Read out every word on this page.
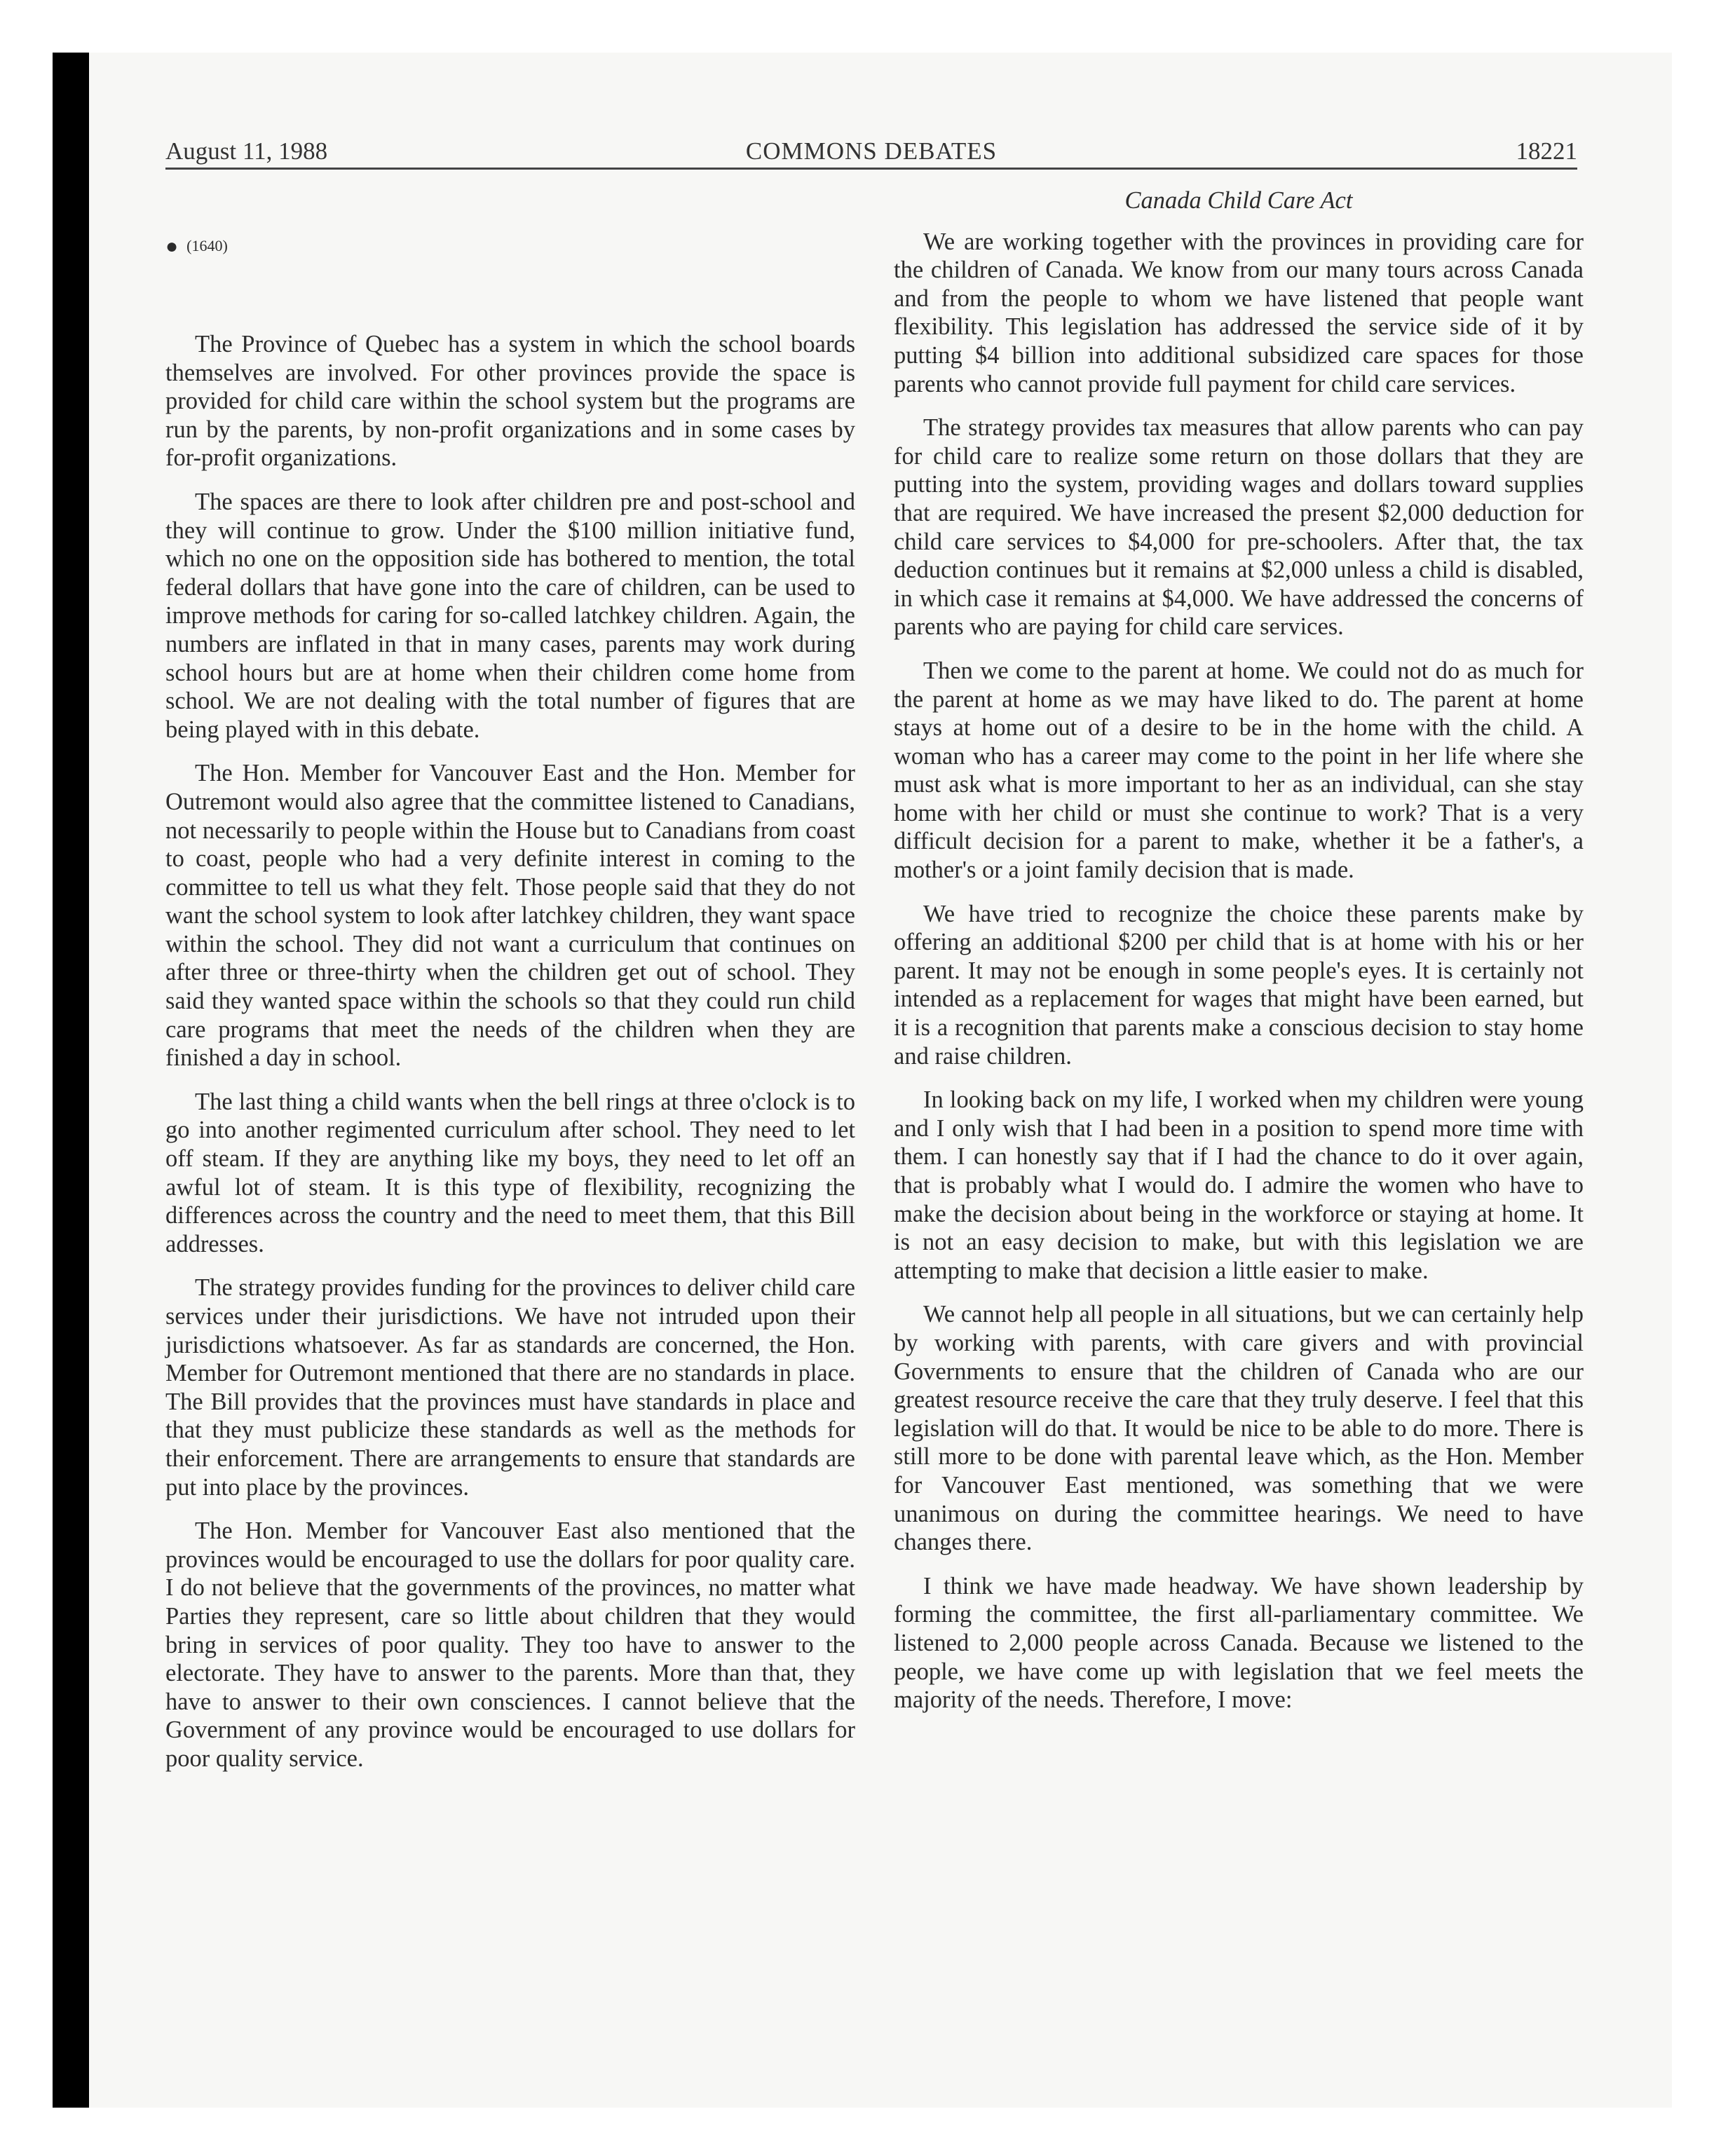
August 11, 1988	COMMONS DEBATES	18221
● (1640)

The Province of Quebec has a system in which the school boards themselves are involved. For other provinces provide the space is provided for child care within the school system but the programs are run by the parents, by non-profit organizations and in some cases by for-profit organizations.

The spaces are there to look after children pre and post-school and they will continue to grow. Under the $100 million initiative fund, which no one on the opposition side has bothered to mention, the total federal dollars that have gone into the care of children, can be used to improve methods for caring for so-called latchkey children. Again, the numbers are inflated in that in many cases, parents may work during school hours but are at home when their children come home from school. We are not dealing with the total number of figures that are being played with in this debate.

The Hon. Member for Vancouver East and the Hon. Member for Outremont would also agree that the committee listened to Canadians, not necessarily to people within the House but to Canadians from coast to coast, people who had a very definite interest in coming to the committee to tell us what they felt. Those people said that they do not want the school system to look after latchkey children, they want space within the school. They did not want a curriculum that continues on after three or three-thirty when the children get out of school. They said they wanted space within the schools so that they could run child care programs that meet the needs of the children when they are finished a day in school.

The last thing a child wants when the bell rings at three o'clock is to go into another regimented curriculum after school. They need to let off steam. If they are anything like my boys, they need to let off an awful lot of steam. It is this type of flexibility, recognizing the differences across the country and the need to meet them, that this Bill addresses.

The strategy provides funding for the provinces to deliver child care services under their jurisdictions. We have not intruded upon their jurisdictions whatsoever. As far as standards are concerned, the Hon. Member for Outremont mentioned that there are no standards in place. The Bill provides that the provinces must have standards in place and that they must publicize these standards as well as the methods for their enforcement. There are arrangements to ensure that standards are put into place by the provinces.

The Hon. Member for Vancouver East also mentioned that the provinces would be encouraged to use the dollars for poor quality care. I do not believe that the governments of the provinces, no matter what Parties they represent, care so little about children that they would bring in services of poor quality. They too have to answer to the electorate. They have to answer to the parents. More than that, they have to answer to their own consciences. I cannot believe that the Government of any province would be encouraged to use dollars for poor quality service.

Canada Child Care Act

We are working together with the provinces in providing care for the children of Canada. We know from our many tours across Canada and from the people to whom we have listened that people want flexibility. This legislation has addressed the service side of it by putting $4 billion into additional subsidized care spaces for those parents who cannot provide full payment for child care services.

The strategy provides tax measures that allow parents who can pay for child care to realize some return on those dollars that they are putting into the system, providing wages and dollars toward supplies that are required. We have increased the present $2,000 deduction for child care services to $4,000 for pre-schoolers. After that, the tax deduction continues but it remains at $2,000 unless a child is disabled, in which case it remains at $4,000. We have addressed the concerns of parents who are paying for child care services.

Then we come to the parent at home. We could not do as much for the parent at home as we may have liked to do. The parent at home stays at home out of a desire to be in the home with the child. A woman who has a career may come to the point in her life where she must ask what is more important to her as an individual, can she stay home with her child or must she continue to work? That is a very difficult decision for a parent to make, whether it be a father's, a mother's or a joint family decision that is made.

We have tried to recognize the choice these parents make by offering an additional $200 per child that is at home with his or her parent. It may not be enough in some people's eyes. It is certainly not intended as a replacement for wages that might have been earned, but it is a recognition that parents make a conscious decision to stay home and raise children.

In looking back on my life, I worked when my children were young and I only wish that I had been in a position to spend more time with them. I can honestly say that if I had the chance to do it over again, that is probably what I would do. I admire the women who have to make the decision about being in the workforce or staying at home. It is not an easy decision to make, but with this legislation we are attempting to make that decision a little easier to make.

We cannot help all people in all situations, but we can certainly help by working with parents, with care givers and with provincial Governments to ensure that the children of Canada who are our greatest resource receive the care that they truly deserve. I feel that this legislation will do that. It would be nice to be able to do more. There is still more to be done with parental leave which, as the Hon. Member for Vancouver East mentioned, was something that we were unanimous on during the committee hearings. We need to have changes there.

I think we have made headway. We have shown leadership by forming the committee, the first all-parliamentary committee. We listened to 2,000 people across Canada. Because we listened to the people, we have come up with legislation that we feel meets the majority of the needs. Therefore, I move:
